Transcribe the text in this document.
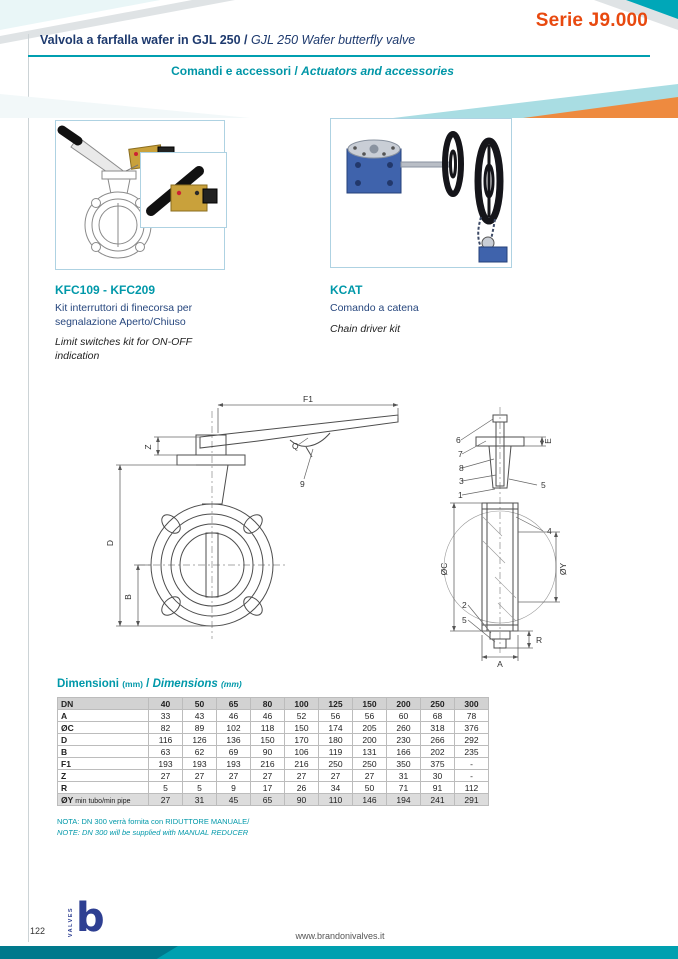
Serie J9.000
Valvola a farfalla wafer in GJL 250 / GJL 250 Wafer butterfly valve
Comandi e accessori / Actuators and accessories
KFC109 - KFC209
Kit interruttori di finecorsa per segnalazione Aperto/Chiuso
Limit switches kit for ON-OFF indication
KCAT
Comando a catena
Chain driver kit
F1
Z
D
B
Q
9
6
7
8
3
1
5
4
2
5
E
ØC	ØY
R
A
Dimensioni (mm) / Dimensions (mm)
DN	40	50	65	80	100	125	150	200	250	300
A	33	43	46	46	52	56	56	60	68	78
ØC	82	89	102	118	150	174	205	260	318	376
D	116	126	136	150	170	180	200	230	266	292
B	63	62	69	90	106	119	131	166	202	235
F1	193	193	193	216	216	250	250	350	375	-
Z	27	27	27	27	27	27	27	31	30	-
R	5	5	9	17	26	34	50	71	91	112
ØY min tubo/min pipe	27	31	45	65	90	110	146	194	241	291
NOTA: DN 300 verrà fornita con RIDUTTORE MANUALE/
NOTE: DN 300 will be supplied with MANUAL REDUCER
122	VALVES b	www.brandonivalves.it
